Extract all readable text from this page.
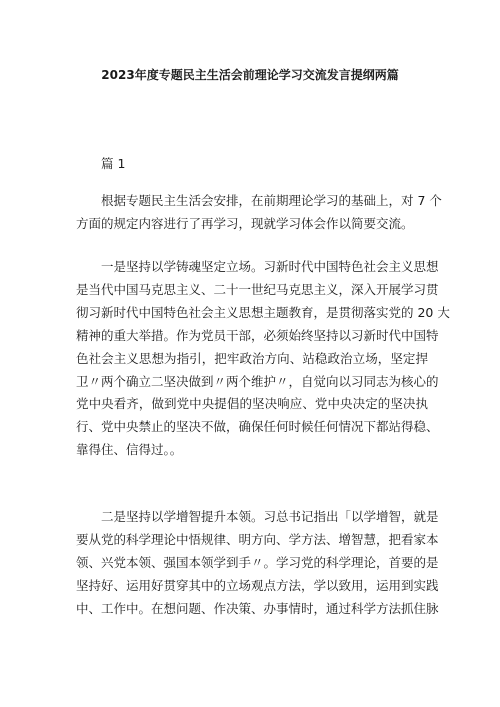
2023年度专题民主生活会前理论学习交流发言提纲两篇
篇 1
根据专题民主生活会安排，在前期理论学习的基础上，对 7 个
方面的规定内容进行了再学习，现就学习体会作以简要交流。
一是坚持以学铸魂坚定立场。习新时代中国特色社会主义思想
是当代中国马克思主义、二十一世纪马克思主义，深入开展学习贯
彻习新时代中国特色社会主义思想主题教育，是贯彻落实党的 20 大
精神的重大举措。作为党员干部，必须始终坚持以习新时代中国特
色社会主义思想为指引，把牢政治方向、站稳政治立场，坚定捍
卫〃两个确立二坚决做到〃两个维护〃，自觉向以习同志为核心的
党中央看齐，做到党中央提倡的坚决响应、党中央决定的坚决执
行、党中央禁止的坚决不做，确保任何时候任何情况下都站得稳、
靠得住、信得过。。
二是坚持以学增智提升本领。习总书记指出「以学增智，就是
要从党的科学理论中悟规律、明方向、学方法、增智慧，把看家本
领、兴党本领、强国本领学到手〃。学习党的科学理论，首要的是
坚持好、运用好贯穿其中的立场观点方法，学以致用，运用到实践
中、工作中。在想问题、作决策、办事情时，通过科学方法抓住脉
